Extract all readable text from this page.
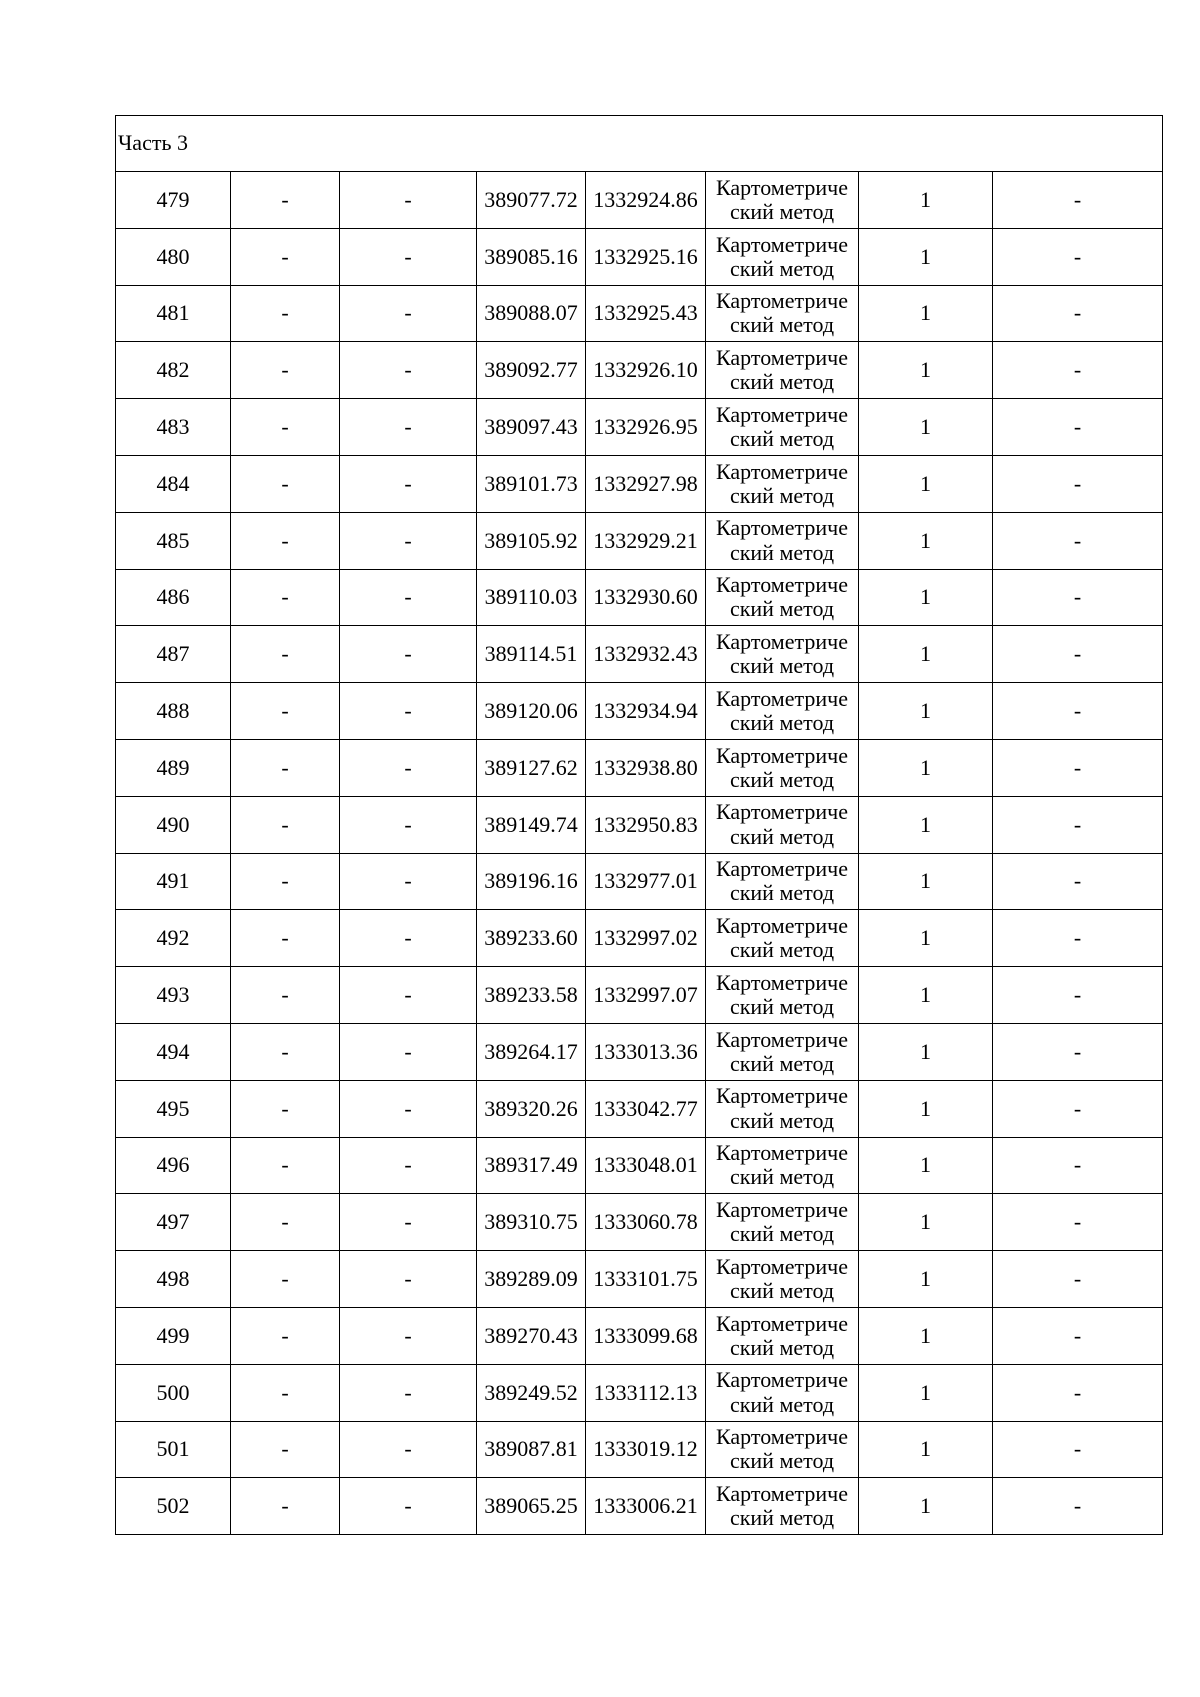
Часть 3							
479	-	-	389077.72	1332924.86	Картометриче ский метод	1	-
480	-	-	389085.16	1332925.16	Картометриче ский метод	1	-
481	-	-	389088.07	1332925.43	Картометриче ский метод	1	-
482	-	-	389092.77	1332926.10	Картометриче ский метод	1	-
483	-	-	389097.43	1332926.95	Картометриче ский метод	1	-
484	-	-	389101.73	1332927.98	Картометриче ский метод	1	-
485	-	-	389105.92	1332929.21	Картометриче ский метод	1	-
486	-	-	389110.03	1332930.60	Картометриче ский метод	1	-
487	-	-	389114.51	1332932.43	Картометриче ский метод	1	-
488	-	-	389120.06	1332934.94	Картометриче ский метод	1	-
489	-	-	389127.62	1332938.80	Картометриче ский метод	1	-
490	-	-	389149.74	1332950.83	Картометриче ский метод	1	-
491	-	-	389196.16	1332977.01	Картометриче ский метод	1	-
492	-	-	389233.60	1332997.02	Картометриче ский метод	1	-
493	-	-	389233.58	1332997.07	Картометриче ский метод	1	-
494	-	-	389264.17	1333013.36	Картометриче ский метод	1	-
495	-	-	389320.26	1333042.77	Картометриче ский метод	1	-
496	-	-	389317.49	1333048.01	Картометриче ский метод	1	-
497	-	-	389310.75	1333060.78	Картометриче ский метод	1	-
498	-	-	389289.09	1333101.75	Картометриче ский метод	1	-
499	-	-	389270.43	1333099.68	Картометриче ский метод	1	-
500	-	-	389249.52	1333112.13	Картометриче ский метод	1	-
501	-	-	389087.81	1333019.12	Картометриче ский метод	1	-
502	-	-	389065.25	1333006.21	Картометриче ский метод	1	-
